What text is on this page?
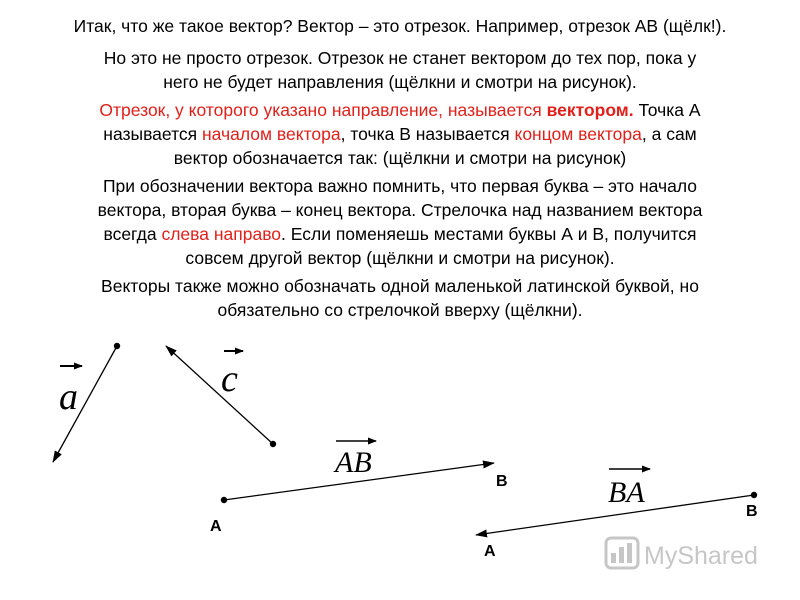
Итак, что же такое вектор? Вектор – это отрезок. Например, отрезок АВ (щёлк!).

Но это не просто отрезок. Отрезок не станет вектором до тех пор, пока у
него не будет направления (щёлкни и смотри на рисунок).

Отрезок, у которого указано направление, называется вектором. Точка А
называется началом вектора, точка В называется концом вектора, а сам
вектор обозначается так: (щёлкни и смотри на рисунок)

При обозначении вектора важно помнить, что первая буква – это начало
вектора, вторая буква – конец вектора. Стрелочка над названием вектора
всегда слева направо. Если поменяешь местами буквы А и В, получится
совсем другой вектор (щёлкни и смотри на рисунок).

Векторы также можно обозначать одной маленькой латинской буквой, но
обязательно со стрелочкой вверху (щёлкни).

a	c
AB
A
B	BA
B
A	MyShared
